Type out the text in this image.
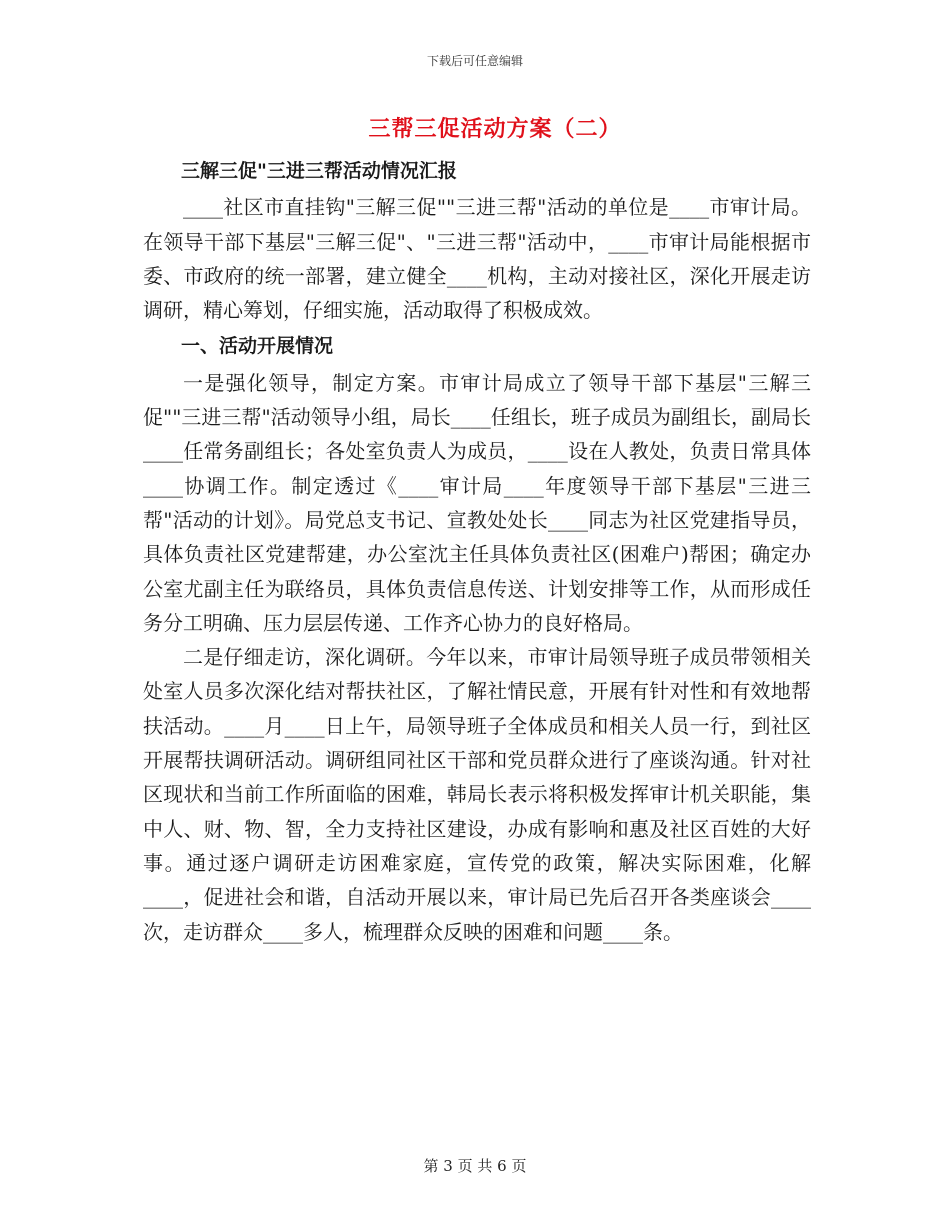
下载后可任意编辑
三帮三促活动方案（二）

三解三促"三进三帮活动情况汇报

____社区市直挂钩"三解三促""三进三帮"活动的单位是____市审计局。在领导干部下基层"三解三促"、"三进三帮"活动中，____市审计局能根据市委、市政府的统一部署，建立健全____机构，主动对接社区，深化开展走访调研，精心筹划，仔细实施，活动取得了积极成效。

一、活动开展情况

一是强化领导，制定方案。市审计局成立了领导干部下基层"三解三促""三进三帮"活动领导小组，局长____任组长，班子成员为副组长，副局长____任常务副组长；各处室负责人为成员，____设在人教处，负责日常具体____协调工作。制定透过《____审计局____年度领导干部下基层"三进三帮"活动的计划》。局党总支书记、宣教处处长____同志为社区党建指导员，具体负责社区党建帮建，办公室沈主任具体负责社区(困难户)帮困；确定办公室尤副主任为联络员，具体负责信息传送、计划安排等工作，从而形成任务分工明确、压力层层传递、工作齐心协力的良好格局。

二是仔细走访，深化调研。今年以来，市审计局领导班子成员带领相关处室人员多次深化结对帮扶社区，了解社情民意，开展有针对性和有效地帮扶活动。____月____日上午，局领导班子全体成员和相关人员一行，到社区开展帮扶调研活动。调研组同社区干部和党员群众进行了座谈沟通。针对社区现状和当前工作所面临的困难，韩局长表示将积极发挥审计机关职能，集中人、财、物、智，全力支持社区建设，办成有影响和惠及社区百姓的大好事。通过逐户调研走访困难家庭，宣传党的政策，解决实际困难，化解____，促进社会和谐，自活动开展以来，审计局已先后召开各类座谈会____次，走访群众____多人，梳理群众反映的困难和问题____条。

第 3 页 共 6 页
